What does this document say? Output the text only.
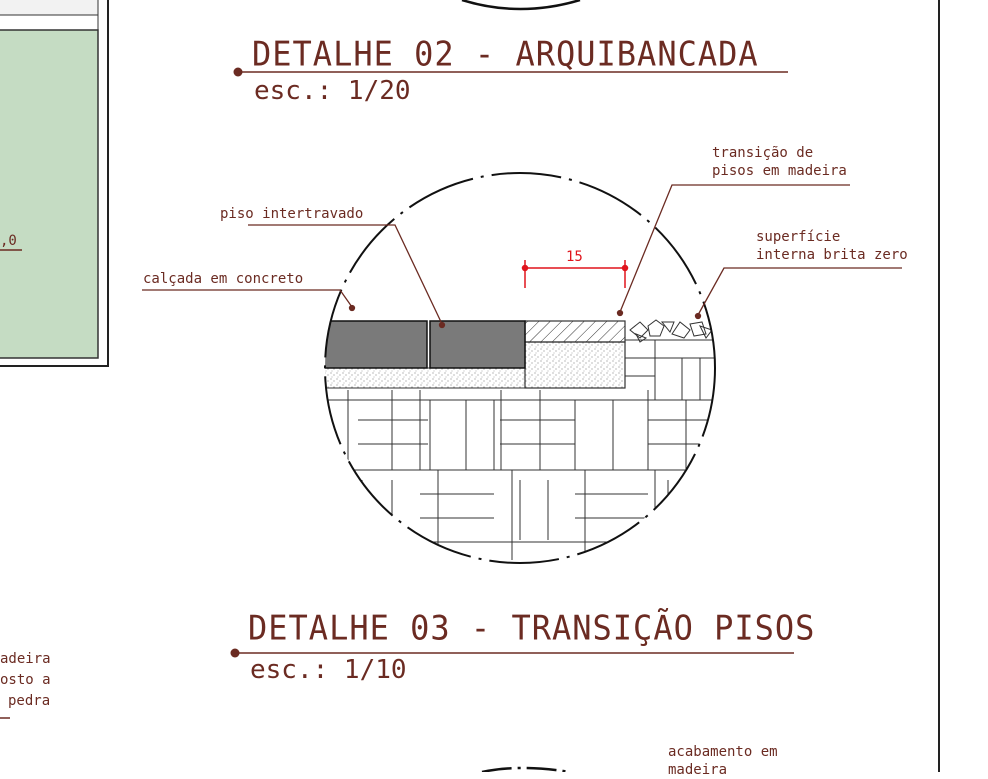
DETALHE 02 - ARQUIBANCADA
esc.: 1/20
DETALHE 03 - TRANSIÇÃO PISOS
esc.: 1/10
transição de
pisos em madeira
superfície
interna brita zero
piso intertravado
calçada em concreto
15
,0
adeira
osto a
pedra
acabamento em
madeira
